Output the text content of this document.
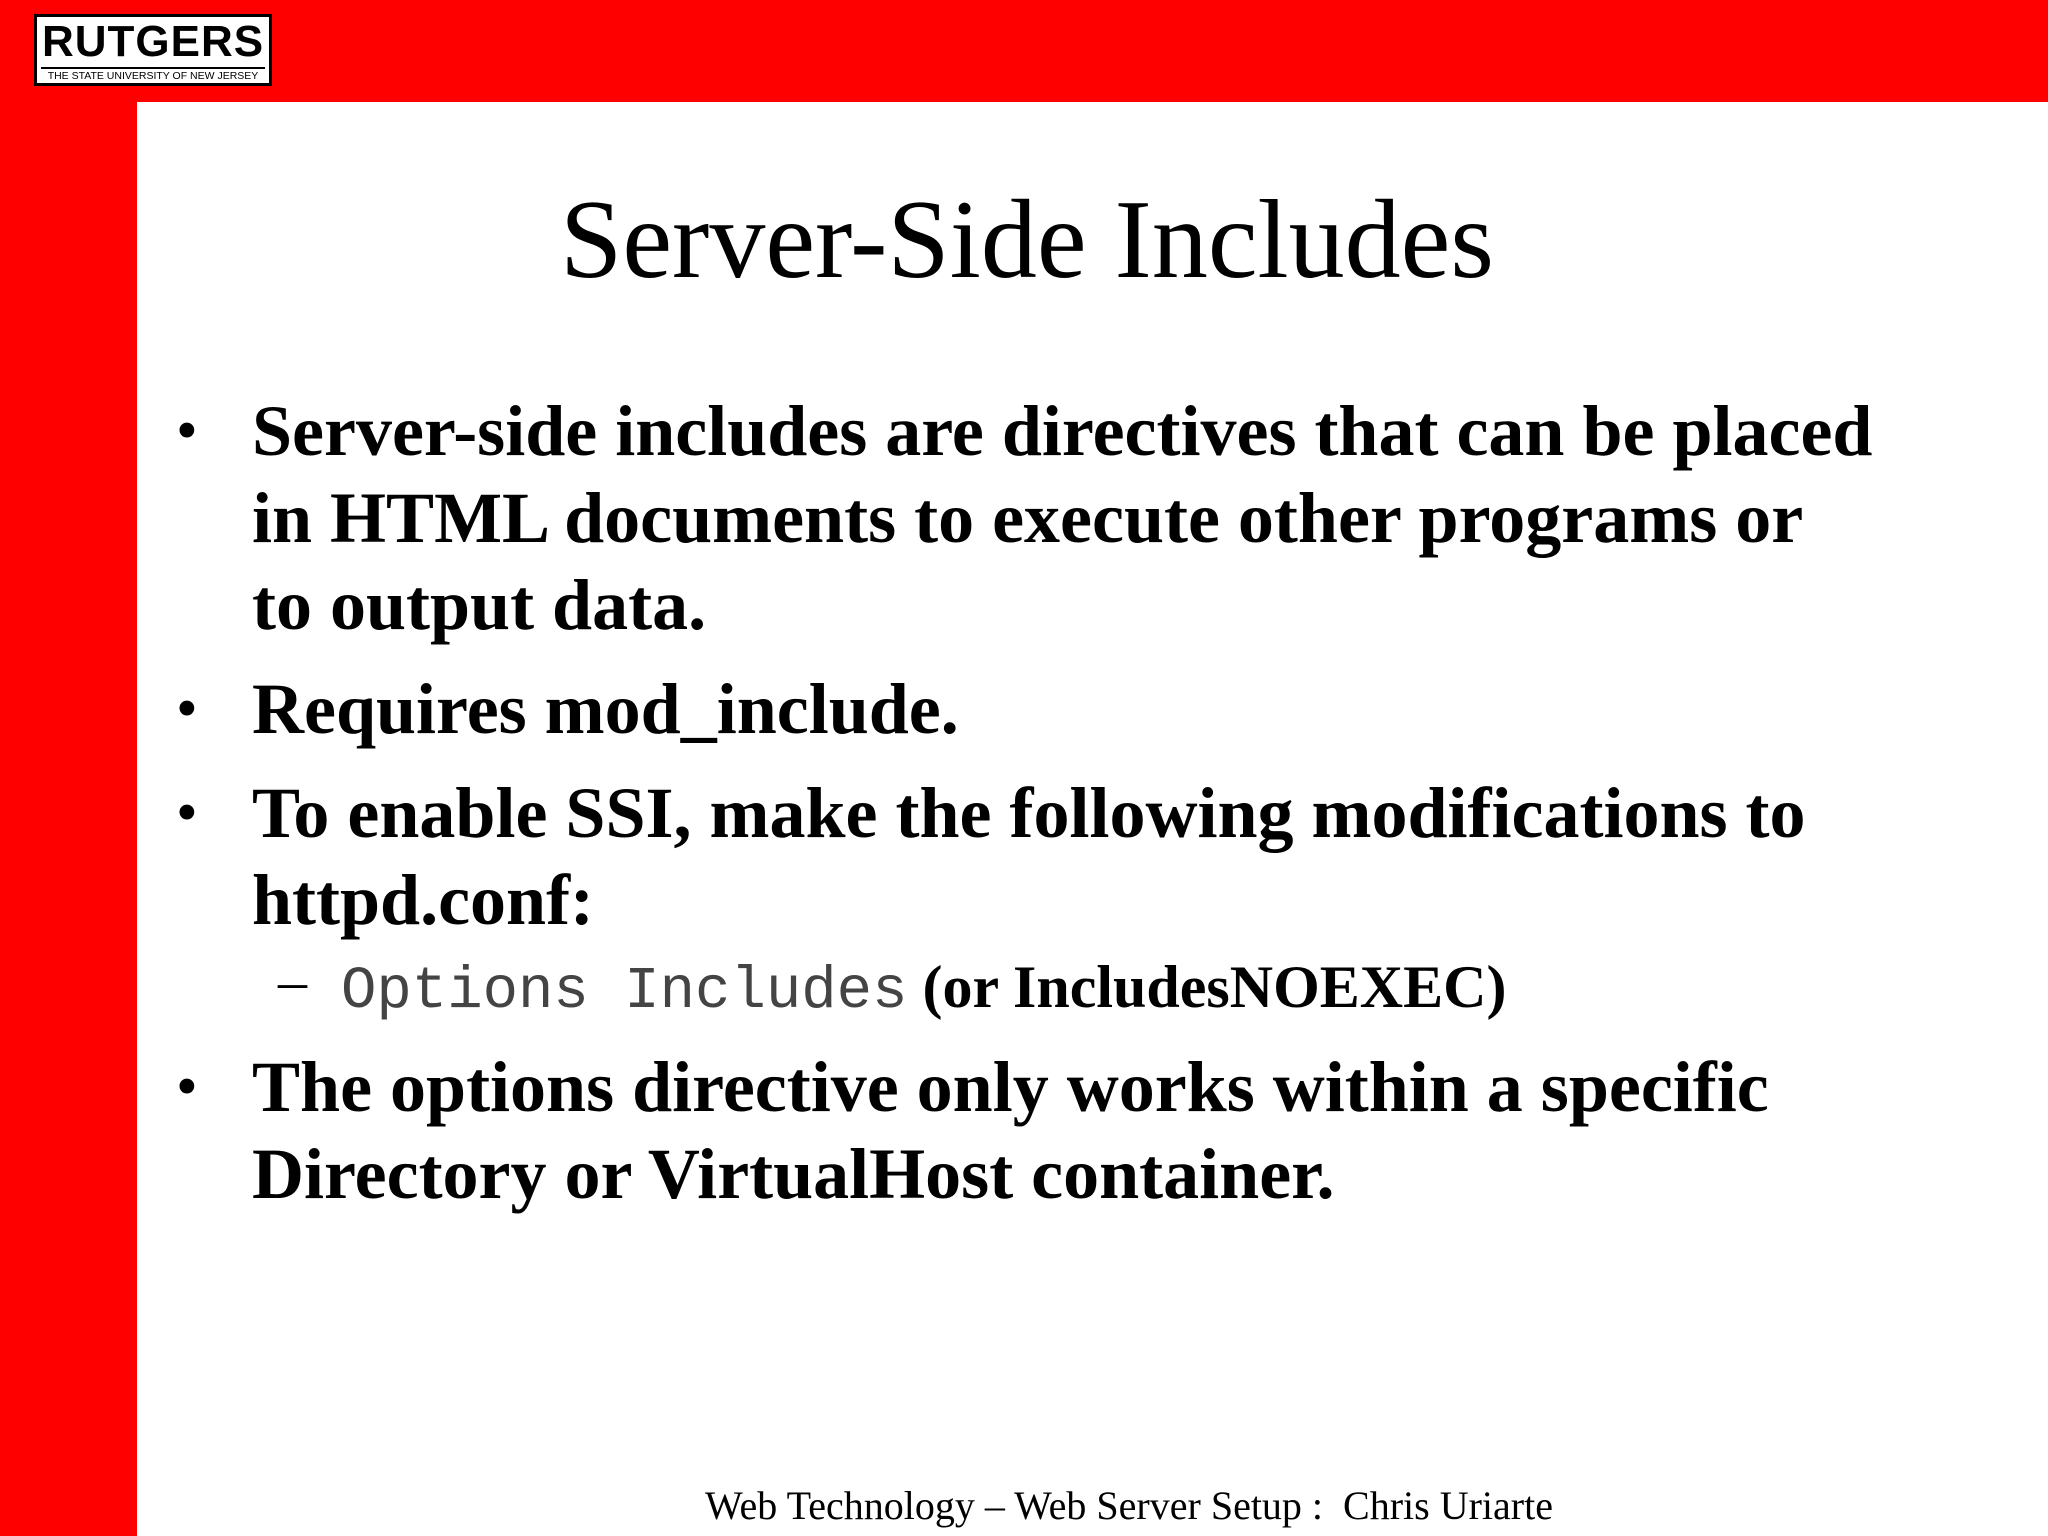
RUTGERS
THE STATE UNIVERSITY OF NEW JERSEY
Server-Side Includes
• Server-side includes are directives that can be placed in HTML documents to execute other programs or to output data.
• Requires mod_include.
• To enable SSI, make the following modifications to httpd.conf:
– Options Includes (or IncludesNOEXEC)
• The options directive only works within a specific Directory or VirtualHost container.
Web Technology – Web Server Setup :  Chris Uriarte
